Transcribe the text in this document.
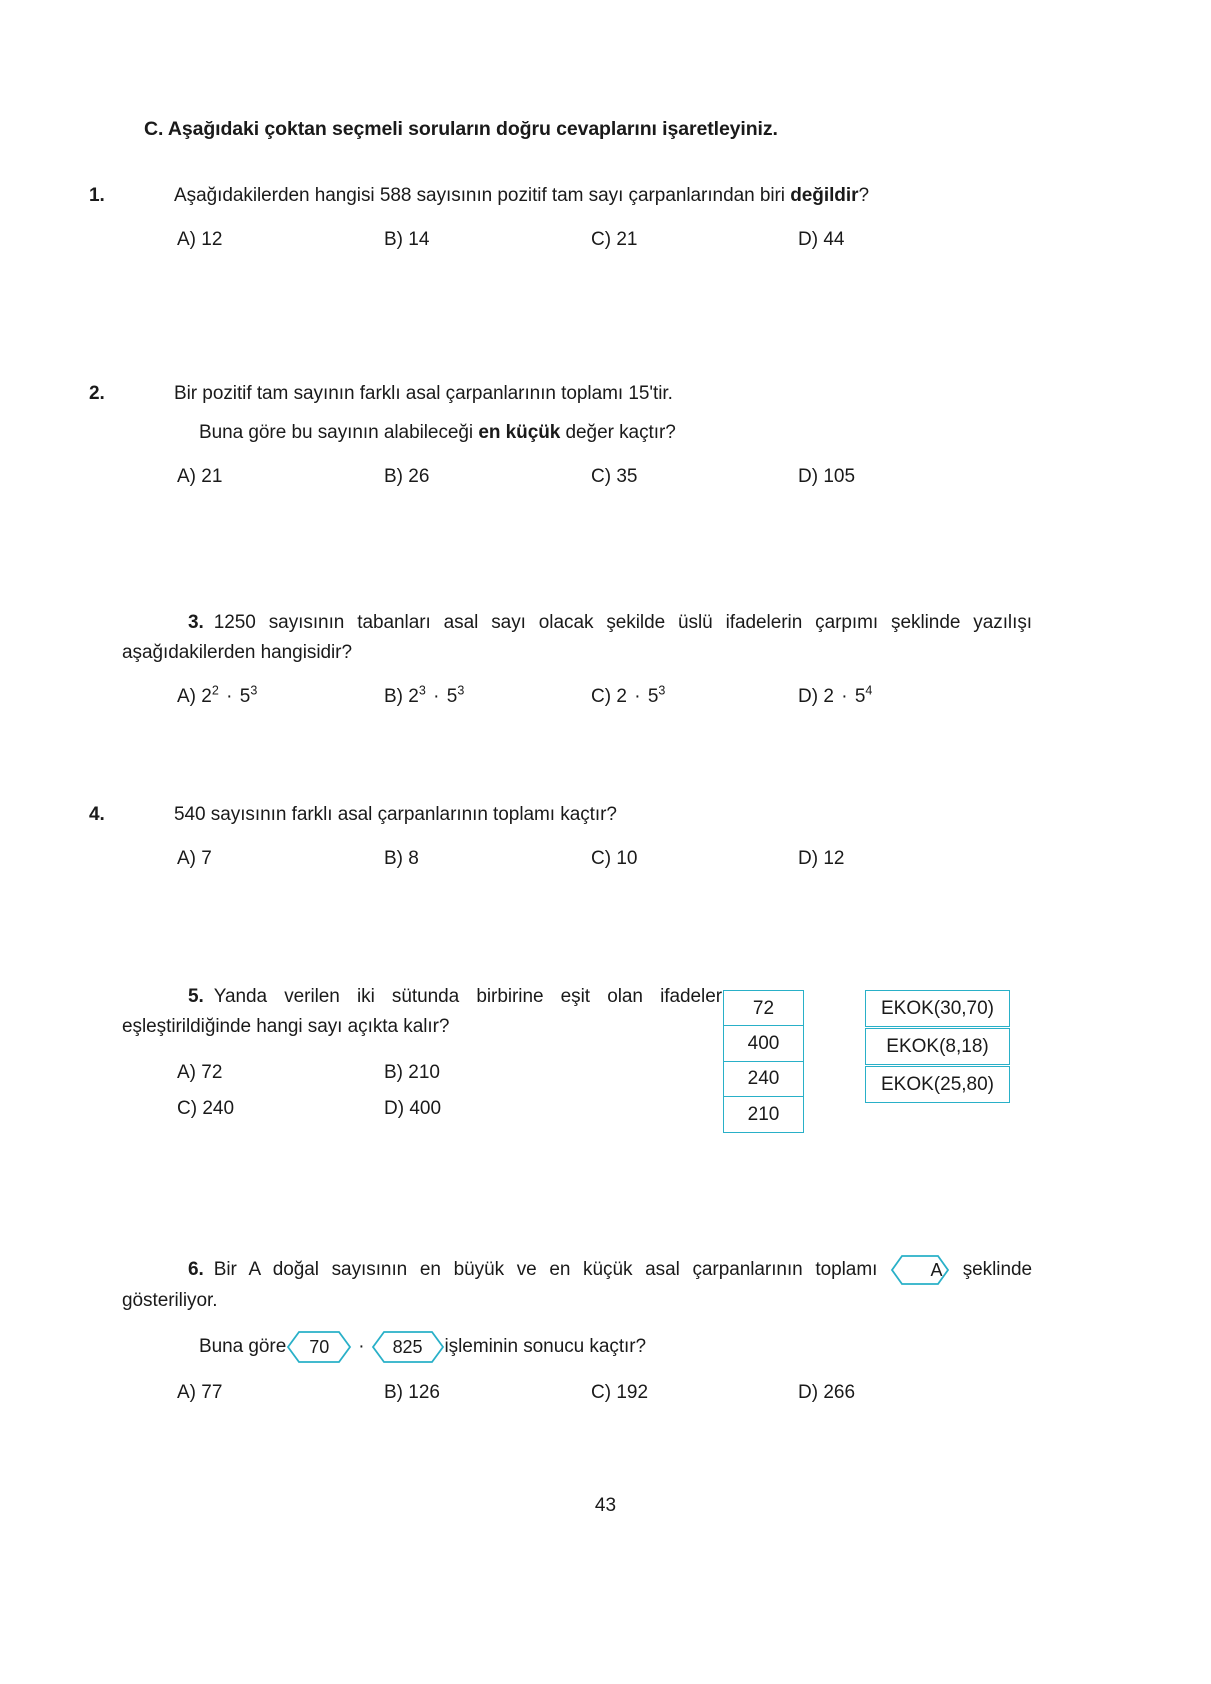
C. Aşağıdaki çoktan seçmeli soruların doğru cevaplarını işaretleyiniz.
1.	Aşağıdakilerden hangisi 588 sayısının pozitif tam sayı çarpanlarından biri değildir?
A) 12	B) 14	C) 21	D) 44
2.	Bir pozitif tam sayının farklı asal çarpanlarının toplamı 15'tir.
Buna göre bu sayının alabileceği en küçük değer kaçtır?
A) 21	B) 26	C) 35	D) 105
3. 1250 sayısının tabanları asal sayı olacak şekilde üslü ifadelerin çarpımı şeklinde yazılışı aşağıdakilerden hangisidir?
A) $2^2 \cdot 5^3$	B) $2^3 \cdot 5^3$	C) $2 \cdot 5^3$	D) $2 \cdot 5^4$
4.	540 sayısının farklı asal çarpanlarının toplamı kaçtır?
A) 7	B) 8	C) 10	D) 12
5. Yanda verilen iki sütunda birbirine eşit olan ifadeler eşleştirildiğinde hangi sayı açıkta kalır?
A) 72	B) 210
C) 240	D) 400
72
400
240
210
EKOK(30,70)
EKOK(8,18)
EKOK(25,80)
6. Bir A doğal sayısının en büyük ve en küçük asal çarpanlarının toplamı	A şeklinde gösteriliyor.
Buna göre	70	·	825	işleminin sonucu kaçtır?
A) 77	B) 126	C) 192	D) 266
43
